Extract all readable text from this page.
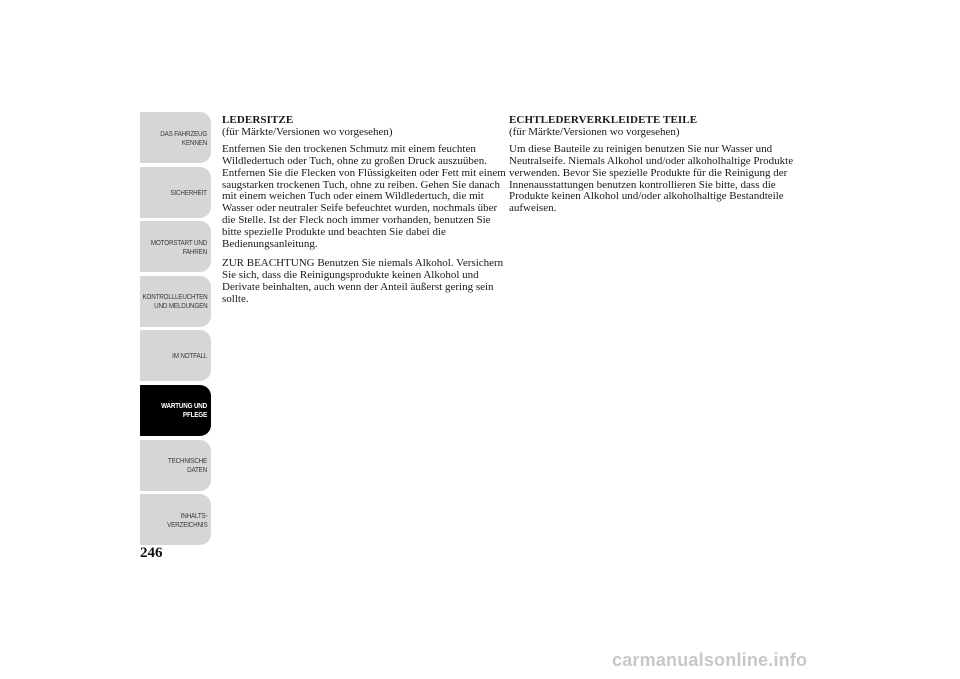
DAS FAHRZEUG
KENNEN
SICHERHEIT
MOTORSTART UND
FAHREN
KONTROLLLEUCHTEN
UND MELDUNGEN
IM NOTFALL
WARTUNG UND
PFLEGE
TECHNISCHE
DATEN
INHALTS-
VERZEICHNIS
246

LEDERSITZE

(für Märkte/Versionen wo vorgesehen)

Entfernen Sie den trockenen Schmutz mit einem feuchten Wildledertuch oder Tuch, ohne zu großen Druck auszuüben. Entfernen Sie die Flecken von Flüssigkeiten oder Fett mit einem saugstarken trockenen Tuch, ohne zu reiben. Gehen Sie danach mit einem weichen Tuch oder einem Wildledertuch, die mit Wasser oder neutraler Seife befeuchtet wurden, nochmals über die Stelle. Ist der Fleck noch immer vorhanden, benutzen Sie bitte spezielle Produkte und beachten Sie dabei die Bedienungsanleitung.

ZUR BEACHTUNG Benutzen Sie niemals Alkohol. Versichern Sie sich, dass die Reinigungsprodukte keinen Alkohol und Derivate beinhalten, auch wenn der Anteil äußerst gering sein sollte.

ECHTLEDERVERKLEIDETE TEILE

(für Märkte/Versionen wo vorgesehen)

Um diese Bauteile zu reinigen benutzen Sie nur Wasser und Neutralseife. Niemals Alkohol und/oder alkoholhaltige Produkte verwenden. Bevor Sie spezielle Produkte für die Reinigung der Innenausstattungen benutzen kontrollieren Sie bitte, dass die Produkte keinen Alkohol und/oder alkoholhaltige Bestandteile aufweisen.

carmanualsonline.info
